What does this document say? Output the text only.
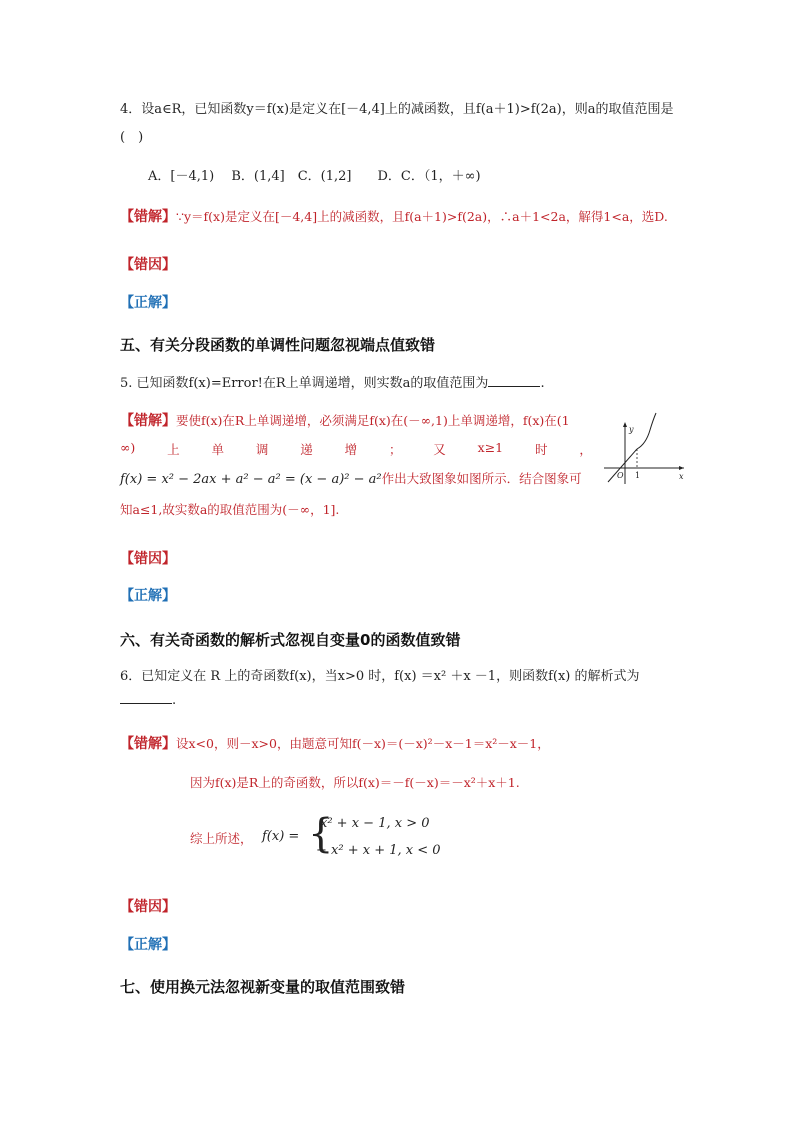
4．设a∈R，已知函数y＝f(x)是定义在[－4,4]上的减函数，且f(a＋1)>f(2a)，则a的取值范围是
(　)
A．[－4,1)　 B．(1,4]　C．(1,2]　　D．C．（1，＋∞)
【错解】∵y＝f(x)是定义在[－4,4]上的减函数，且f(a＋1)>f(2a)，∴a＋1<2a，解得1<a，选D.
【错因】
【正解】
五、有关分段函数的单调性问题忽视端点值致错
5. 已知函数f(x)=Error!在R上单调递增，则实数a的取值范围为	.
【错解】要使f(x)在R上单调递增，必须满足f(x)在(－∞,1)上单调递增，f(x)在(1
∞)	上	单	调	递	增	；	又	x≥1	时	，
f(x) = x² − 2ax + a² − a² = (x − a)² − a²作出大致图象如图所示．结合图象可
知a≤1,故实数a的取值范围为(－∞，1].
y
x
O 1
【错因】
【正解】
六、有关奇函数的解析式忽视自变量0的函数值致错
6．已知定义在 R 上的奇函数f(x)，当x>0 时，f(x) ＝x² ＋x －1，则函数f(x) 的解析式为
.
【错解】设x<0，则－x>0，由题意可知f(－x)＝(－x)²－x－1＝x²－x－1，
因为f(x)是R上的奇函数，所以f(x)＝－f(－x)＝－x²＋x＋1.
综上所述， f(x) = {
x² + x − 1, x > 0
− x² + x + 1, x < 0
【错因】
【正解】
七、使用换元法忽视新变量的取值范围致错
